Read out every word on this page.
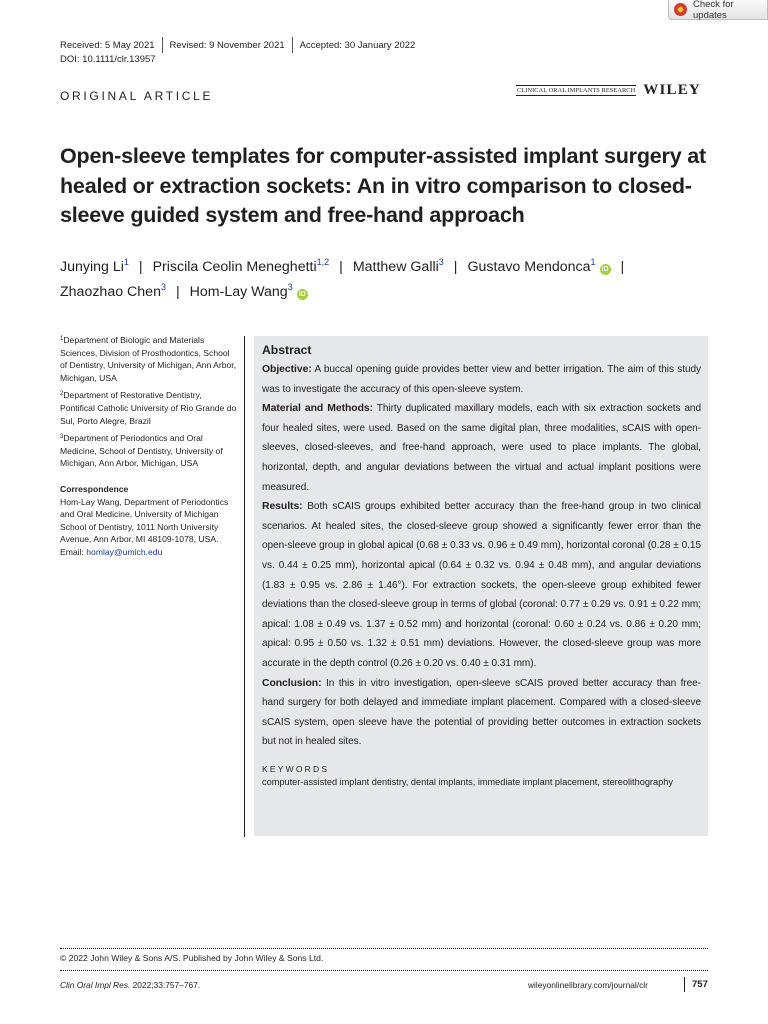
Check for updates
Received: 5 May 2021 Revised: 9 November 2021 Accepted: 30 January 2022
DOI: 10.1111/clr.13957
ORIGINAL ARTICLE	CLINICAL ORAL IMPLANTS RESEARCH WILEY
Open-sleeve templates for computer-assisted implant surgery at healed or extraction sockets: An in vitro comparison to closed-sleeve guided system and free-hand approach
Junying Li$^1$ | Priscila Ceolin Meneghetti$^{1,2}$ | Matthew Galli$^3$ | Gustavo Mendonca$^1$iD |
Zhaozhao Chen$^3$ | Hom-Lay Wang$^3$iD

$^1$Department of Biologic and Materials Sciences, Division of Prosthodontics, School of Dentistry, University of Michigan, Ann Arbor, Michigan, USA

$^2$Department of Restorative Dentistry, Pontifical Catholic University of Rio Grande do Sul, Porto Alegre, Brazil

$^3$Department of Periodontics and Oral Medicine, School of Dentistry, University of Michigan, Ann Arbor, Michigan, USA

Correspondence

Hom-Lay Wang, Department of Periodontics and Oral Medicine, University of Michigan School of Dentistry, 1011 North University Avenue, Ann Arbor, MI 48109-1078, USA.
Email: homlay@umich.edu

Abstract

Objective: A buccal opening guide provides better view and better irrigation. The aim of this study was to investigate the accuracy of this open-sleeve system.

Material and Methods: Thirty duplicated maxillary models, each with six extraction sockets and four healed sites, were used. Based on the same digital plan, three modalities, sCAIS with open-sleeves, closed-sleeves, and free-hand approach, were used to place implants. The global, horizontal, depth, and angular deviations between the virtual and actual implant positions were measured.

Results: Both sCAIS groups exhibited better accuracy than the free-hand group in two clinical scenarios. At healed sites, the closed-sleeve group showed a significantly fewer error than the open-sleeve group in global apical (0.68 ± 0.33 vs. 0.96 ± 0.49 mm), horizontal coronal (0.28 ± 0.15 vs. 0.44 ± 0.25 mm), horizontal apical (0.64 ± 0.32 vs. 0.94 ± 0.48 mm), and angular deviations (1.83 ± 0.95 vs. 2.86 ± 1.46°). For extraction sockets, the open-sleeve group exhibited fewer deviations than the closed-sleeve group in terms of global (coronal: 0.77 ± 0.29 vs. 0.91 ± 0.22 mm; apical: 1.08 ± 0.49 vs. 1.37 ± 0.52 mm) and horizontal (coronal: 0.60 ± 0.24 vs. 0.86 ± 0.20 mm; apical: 0.95 ± 0.50 vs. 1.32 ± 0.51 mm) deviations. However, the closed-sleeve group was more accurate in the depth control (0.26 ± 0.20 vs. 0.40 ± 0.31 mm).

Conclusion: In this in vitro investigation, open-sleeve sCAIS proved better accuracy than free-hand surgery for both delayed and immediate implant placement. Compared with a closed-sleeve sCAIS system, open sleeve have the potential of providing better outcomes in extraction sockets but not in healed sites.

KEYWORDS
computer-assisted implant dentistry, dental implants, immediate implant placement, stereolithography
© 2022 John Wiley & Sons A/S. Published by John Wiley & Sons Ltd.
Clin Oral Impl Res. 2022;33:757–767.	wileyonlinelibrary.com/journal/clr	757
